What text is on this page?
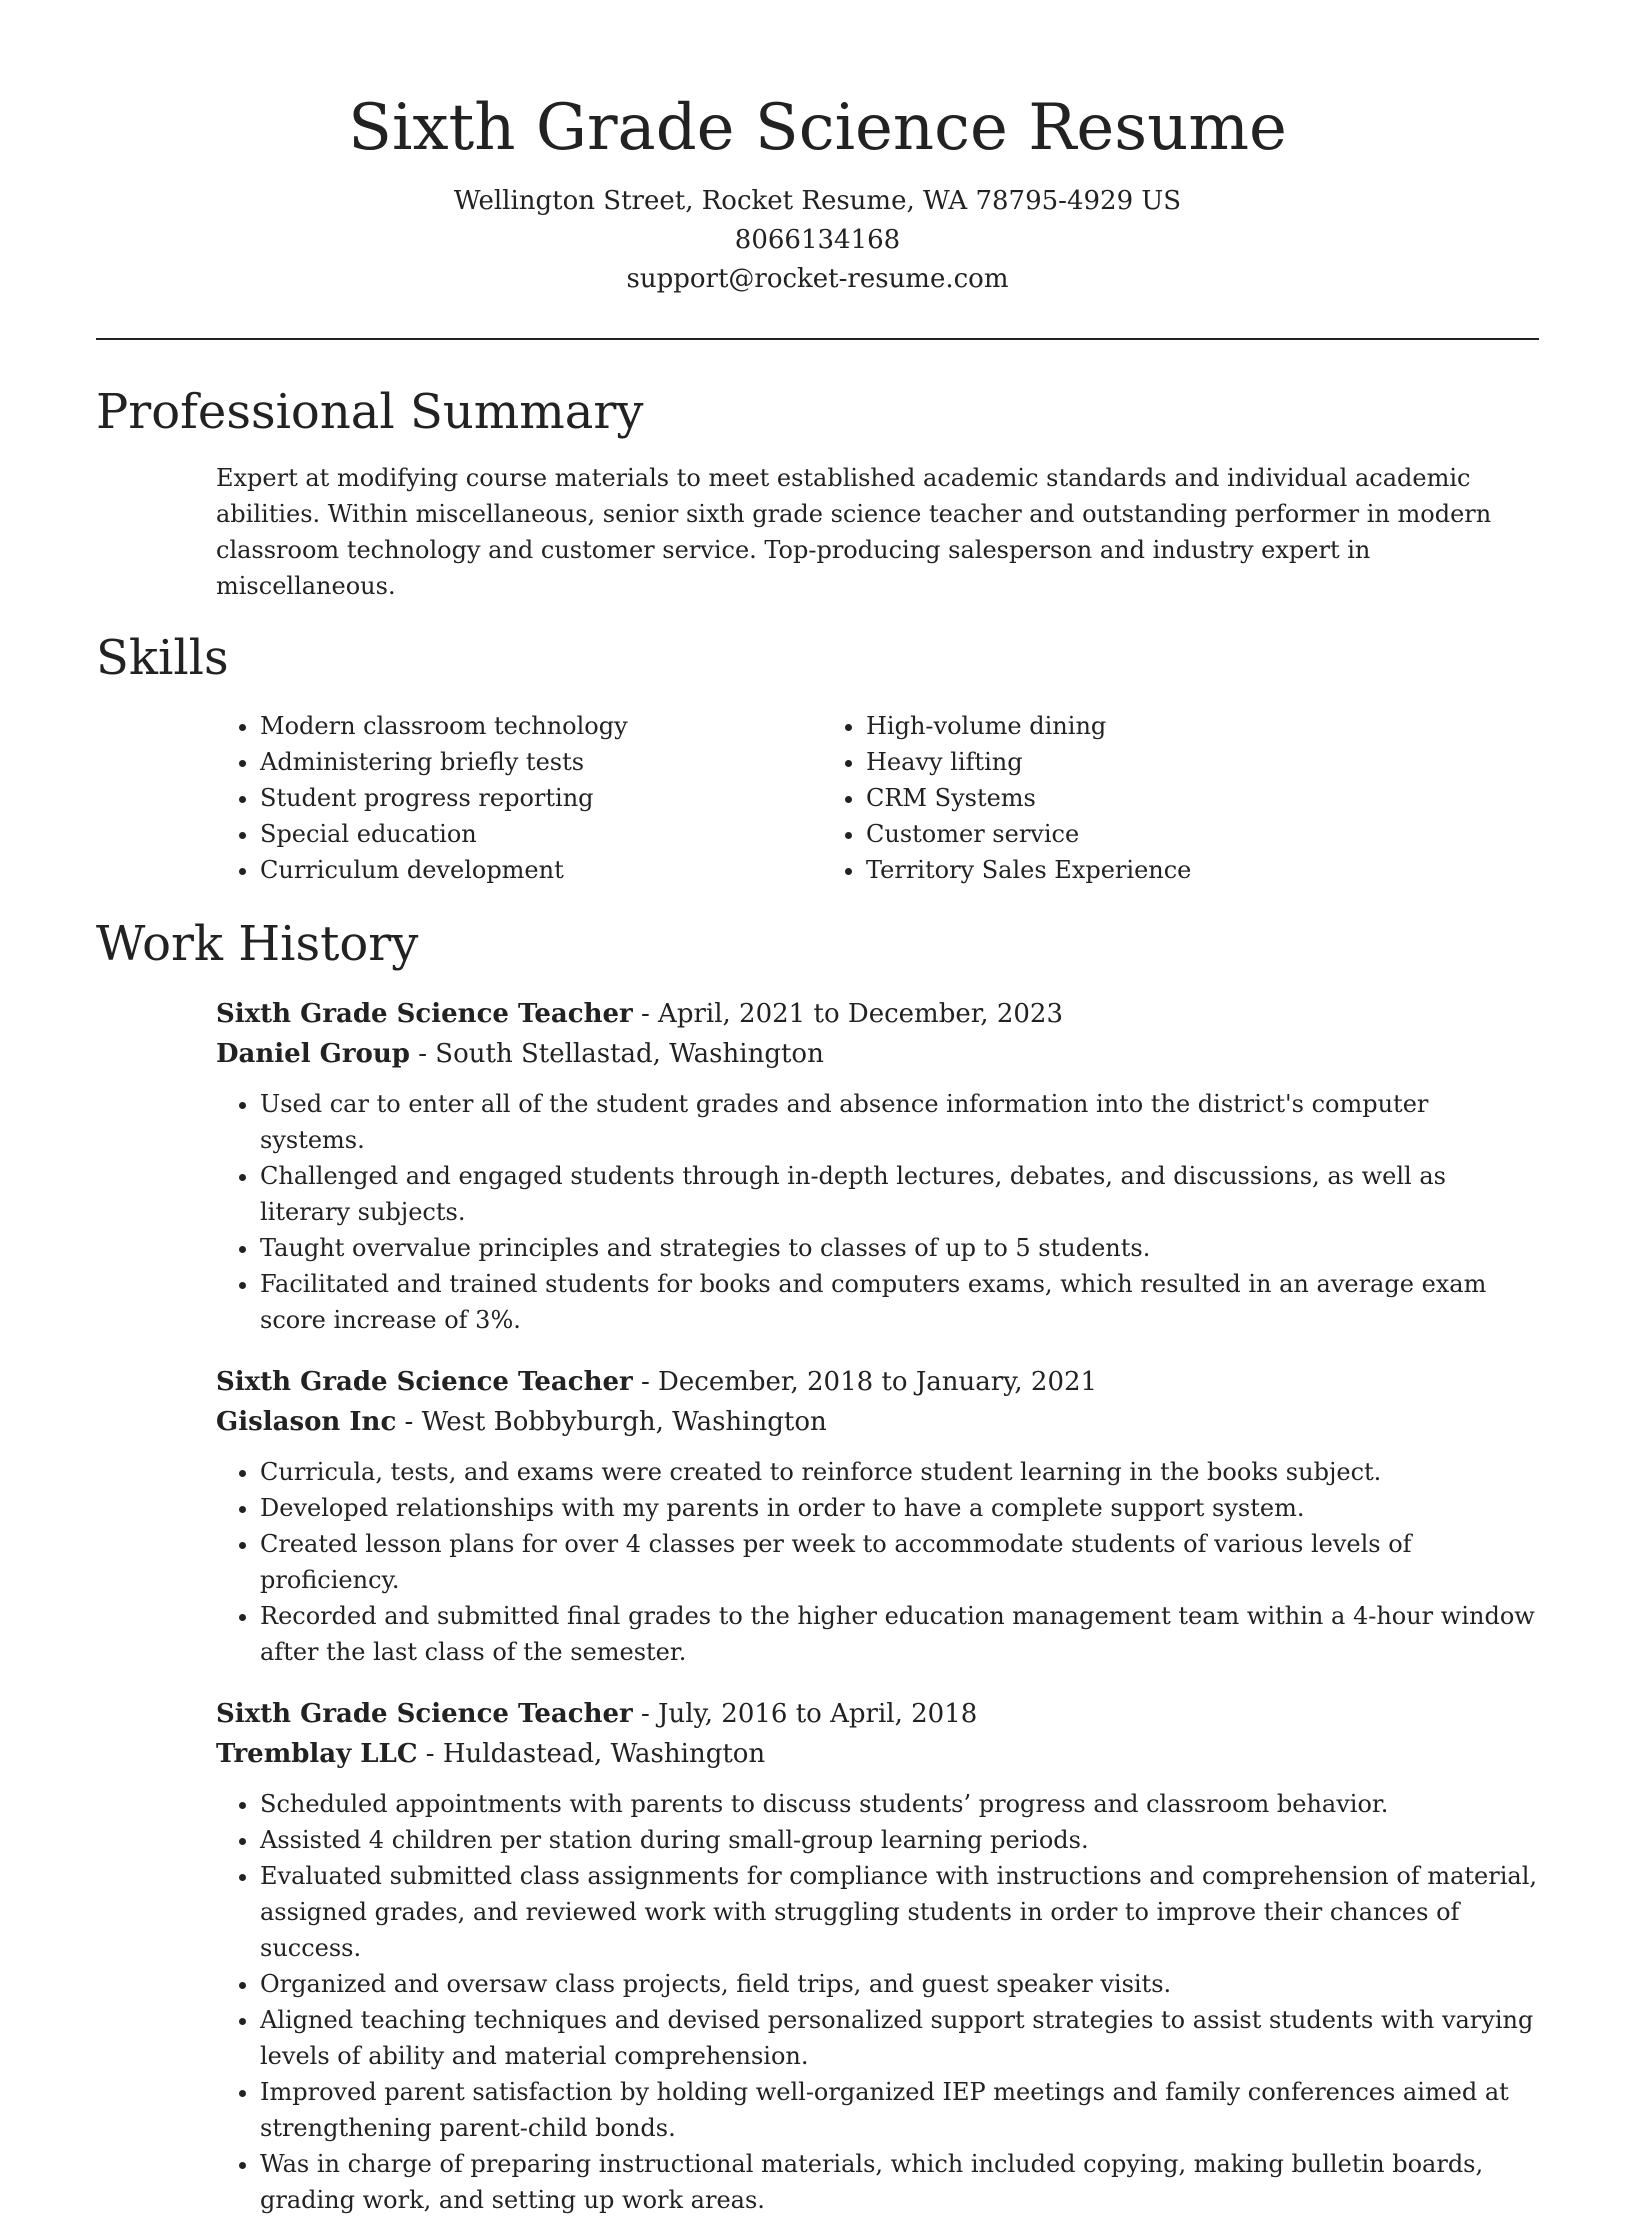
Sixth Grade Science Resume
Wellington Street, Rocket Resume, WA 78795-4929 US
8066134168
support@rocket-resume.com
Professional Summary

Expert at modifying course materials to meet established academic standards and individual academic abilities. Within miscellaneous, senior sixth grade science teacher and outstanding performer in modern classroom technology and customer service. Top-producing salesperson and industry expert in miscellaneous.

Skills
• Modern classroom technology
• Administering briefly tests
• Student progress reporting
• Special education
• Curriculum development
• High-volume dining
• Heavy lifting
• CRM Systems
• Customer service
• Territory Sales Experience
Work History
Sixth Grade Science Teacher - April, 2021 to December, 2023
Daniel Group - South Stellastad, Washington
• Used car to enter all of the student grades and absence information into the district's computer systems.
• Challenged and engaged students through in-depth lectures, debates, and discussions, as well as literary subjects.
• Taught overvalue principles and strategies to classes of up to 5 students.
• Facilitated and trained students for books and computers exams, which resulted in an average exam score increase of 3%.
Sixth Grade Science Teacher - December, 2018 to January, 2021
Gislason Inc - West Bobbyburgh, Washington
• Curricula, tests, and exams were created to reinforce student learning in the books subject.
• Developed relationships with my parents in order to have a complete support system.
• Created lesson plans for over 4 classes per week to accommodate students of various levels of proficiency.
• Recorded and submitted final grades to the higher education management team within a 4-hour window after the last class of the semester.
Sixth Grade Science Teacher - July, 2016 to April, 2018
Tremblay LLC - Huldastead, Washington
• Scheduled appointments with parents to discuss students’ progress and classroom behavior.
• Assisted 4 children per station during small-group learning periods.
• Evaluated submitted class assignments for compliance with instructions and comprehension of material, assigned grades, and reviewed work with struggling students in order to improve their chances of success.
• Organized and oversaw class projects, field trips, and guest speaker visits.
• Aligned teaching techniques and devised personalized support strategies to assist students with varying levels of ability and material comprehension.
• Improved parent satisfaction by holding well-organized IEP meetings and family conferences aimed at strengthening parent-child bonds.
• Was in charge of preparing instructional materials, which included copying, making bulletin boards, grading work, and setting up work areas.
